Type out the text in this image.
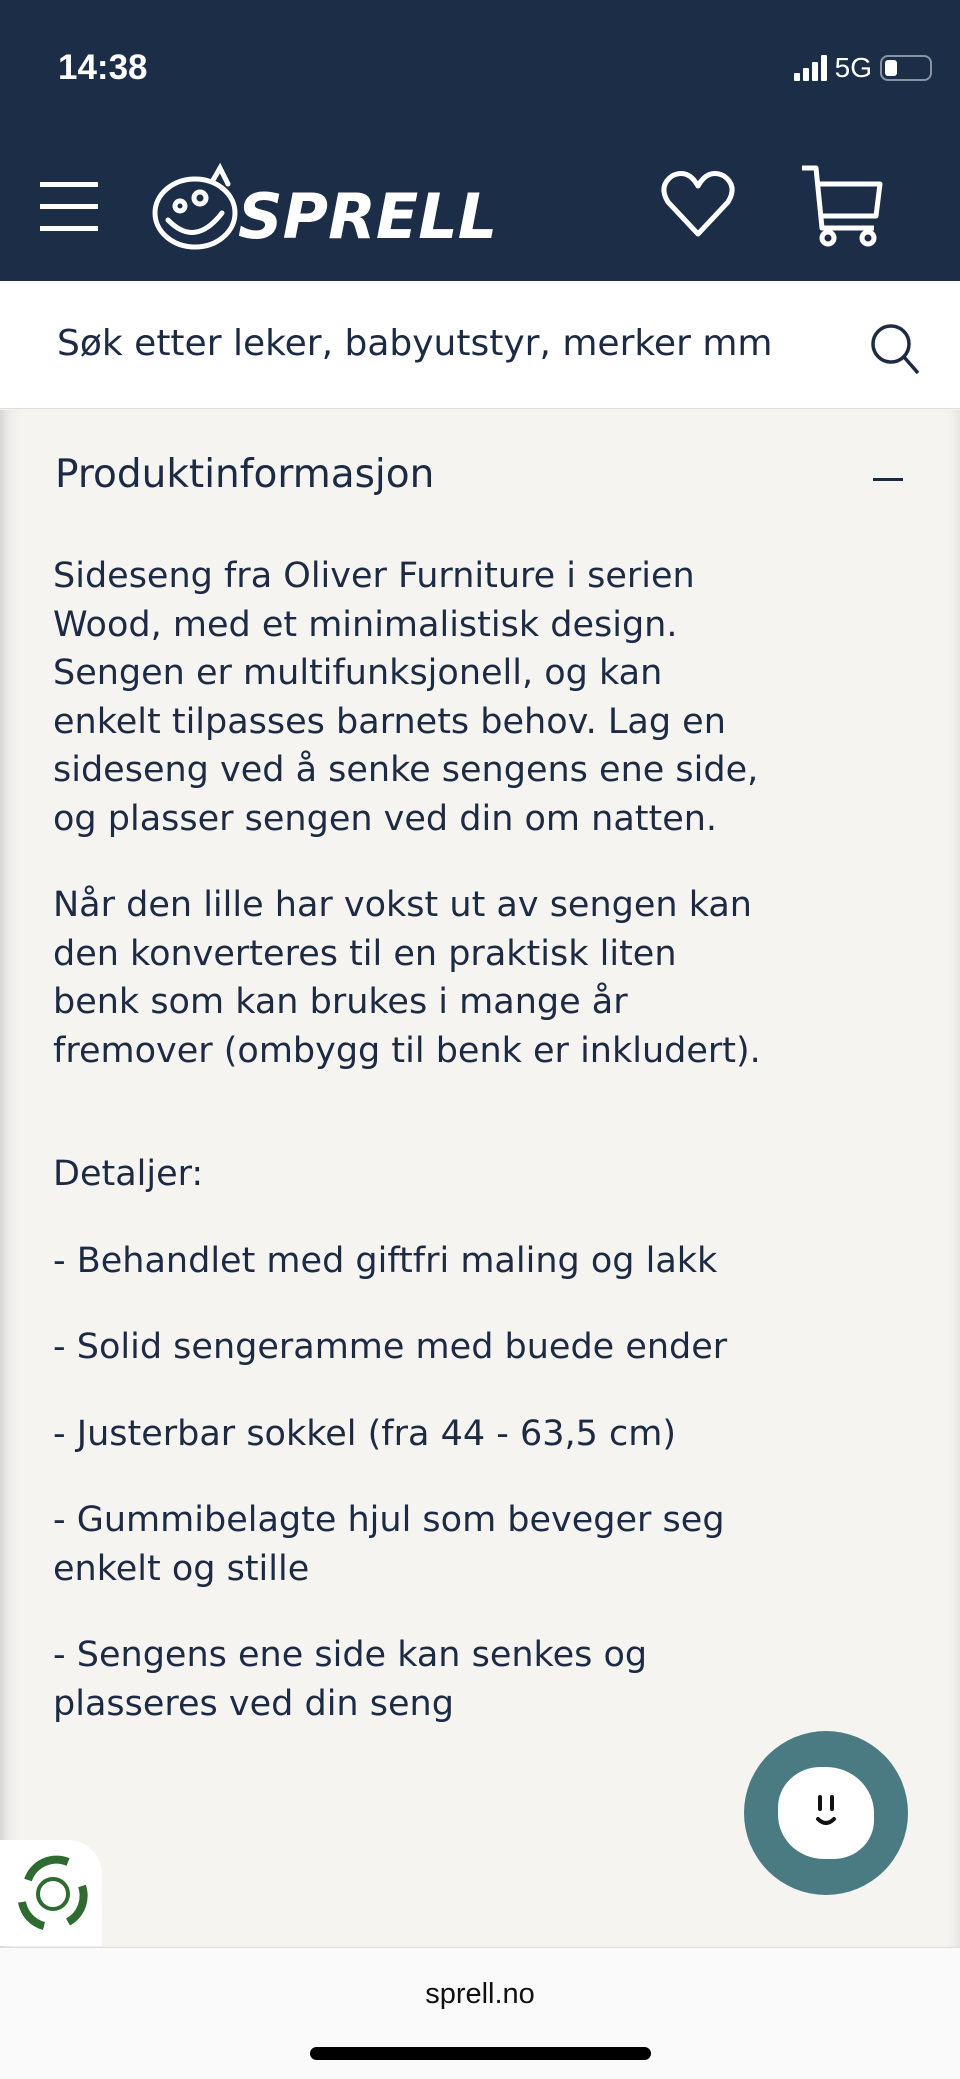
14:38	5G
SPRELL
Søk etter leker, babyutstyr, merker mm
Produktinformasjon

Sideseng fra Oliver Furniture i serien Wood, med et minimalistisk design. Sengen er multifunksjonell, og kan enkelt tilpasses barnets behov. Lag en sideseng ved å senke sengens ene side, og plasser sengen ved din om natten.

Når den lille har vokst ut av sengen kan den konverteres til en praktisk liten benk som kan brukes i mange år fremover (ombygg til benk er inkludert).

Detaljer:

- Behandlet med giftfri maling og lakk

- Solid sengeramme med buede ender

- Justerbar sokkel (fra 44 - 63,5 cm)

- Gummibelagte hjul som beveger seg enkelt og stille

- Sengens ene side kan senkes og plasseres ved din seng

sprell.no
